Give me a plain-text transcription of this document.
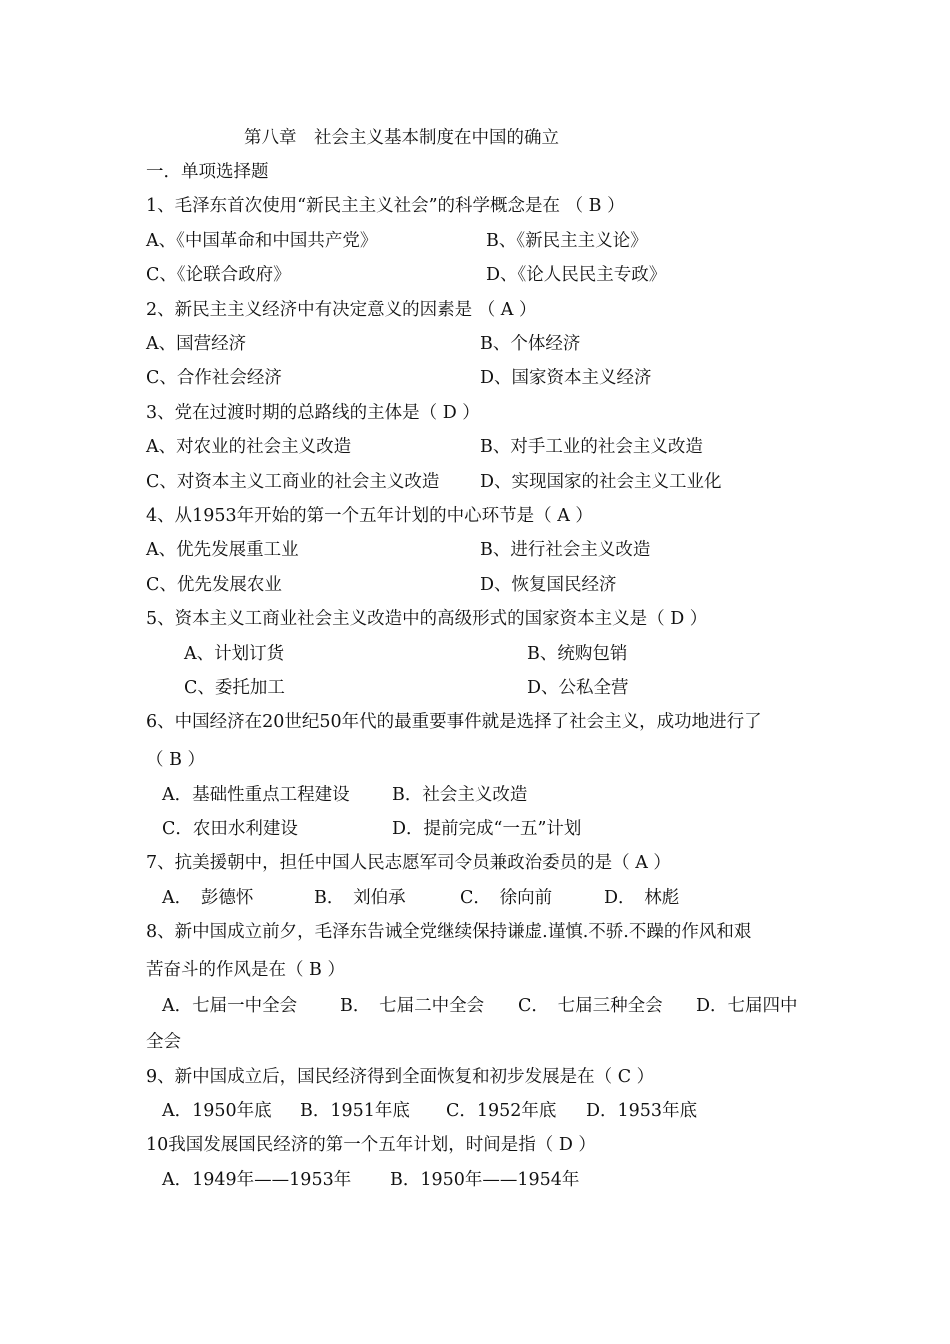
第八章　社会主义基本制度在中国的确立
一．单项选择题
1、毛泽东首次使用“新民主主义社会”的科学概念是在 （ B ）
A、《中国革命和中国共产党》	B、《新民主主义论》
C、《论联合政府》	D、《论人民民主专政》
2、新民主主义经济中有决定意义的因素是 （ A ）
A、国营经济	B、个体经济
C、合作社会经济	D、国家资本主义经济
3、党在过渡时期的总路线的主体是（ D ）
A、对农业的社会主义改造	B、对手工业的社会主义改造
C、对资本主义工商业的社会主义改造 D、实现国家的社会主义工业化
4、从1953年开始的第一个五年计划的中心环节是（ A ）
A、优先发展重工业	B、进行社会主义改造
C、优先发展农业	D、恢复国民经济
5、资本主义工商业社会主义改造中的高级形式的国家资本主义是（ D ）
A、计划订货	B、统购包销
C、委托加工	D、公私全营
6、中国经济在20世纪50年代的最重要事件就是选择了社会主义，成功地进行了
（ B ）
A．基础性重点工程建设 B．社会主义改造
C．农田水利建设	D．提前完成“一五”计划
7、抗美援朝中，担任中国人民志愿军司令员兼政治委员的是（ A ）
A．　彭德怀	B．　刘伯承	C．　徐向前	D．　林彪
8、新中国成立前夕，毛泽东告诫全党继续保持谦虚.谨慎.不骄.不躁的作风和艰
苦奋斗的作风是在（ B ）
A．七届一中全会 B．　七届二中全会 C．　七届三种全会 D．七届四中
全会
9、新中国成立后，国民经济得到全面恢复和初步发展是在（ C ）
A．1950年底 B．1951年底 C．1952年底 D．1953年底
10我国发展国民经济的第一个五年计划，时间是指（ D ）
A．1949年——1953年 B．1950年——1954年
